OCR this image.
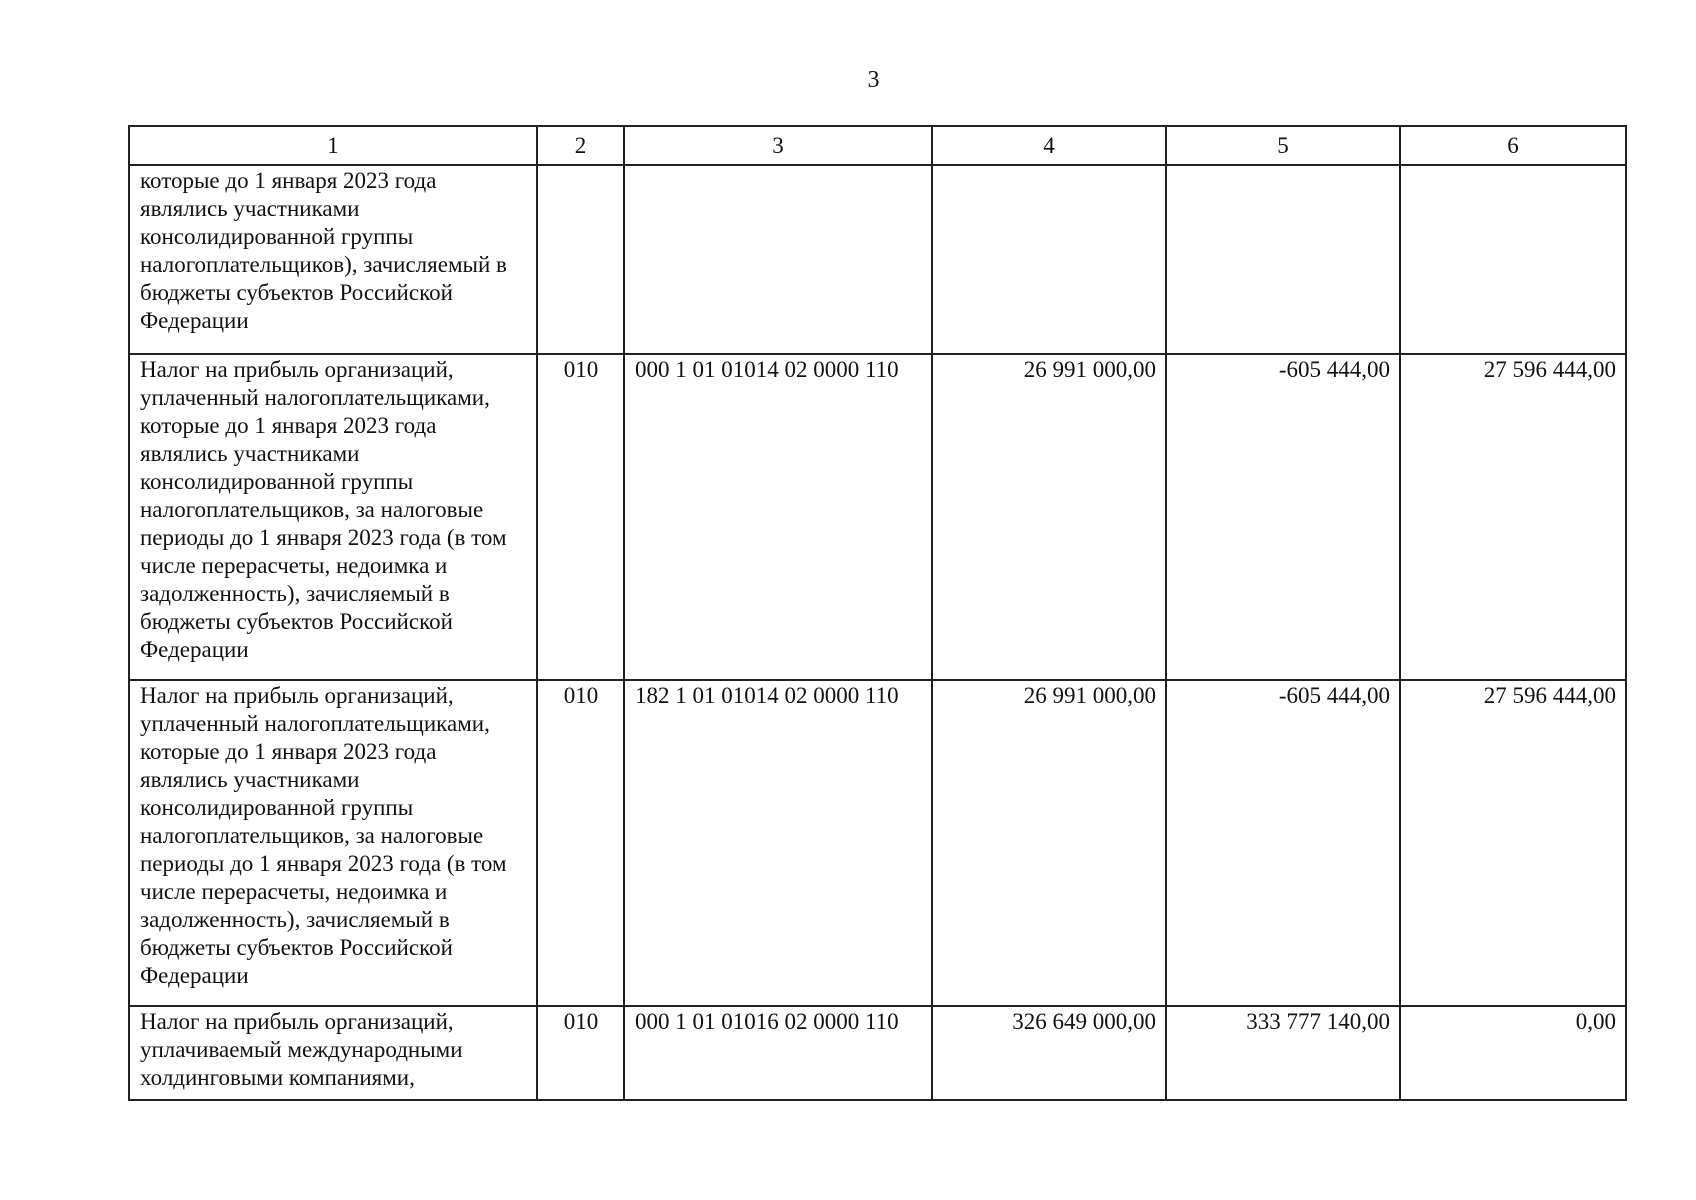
3
1	2	3	4	5	6
которые до 1 января 2023 года являлись участниками консолидированной группы налогоплательщиков), зачисляемый в бюджеты субъектов Российской Федерации					
Налог на прибыль организаций, уплаченный налогоплательщиками, которые до 1 января 2023 года являлись участниками консолидированной группы налогоплательщиков, за налоговые периоды до 1 января 2023 года (в том числе перерасчеты, недоимка и задолженность), зачисляемый в бюджеты субъектов Российской Федерации	010	000 1 01 01014 02 0000 110	26 991 000,00	-605 444,00	27 596 444,00
Налог на прибыль организаций, уплаченный налогоплательщиками, которые до 1 января 2023 года являлись участниками консолидированной группы налогоплательщиков, за налоговые периоды до 1 января 2023 года (в том числе перерасчеты, недоимка и задолженность), зачисляемый в бюджеты субъектов Российской Федерации	010	182 1 01 01014 02 0000 110	26 991 000,00	-605 444,00	27 596 444,00
Налог на прибыль организаций, уплачиваемый международными холдинговыми компаниями,	010	000 1 01 01016 02 0000 110	326 649 000,00	333 777 140,00	0,00
